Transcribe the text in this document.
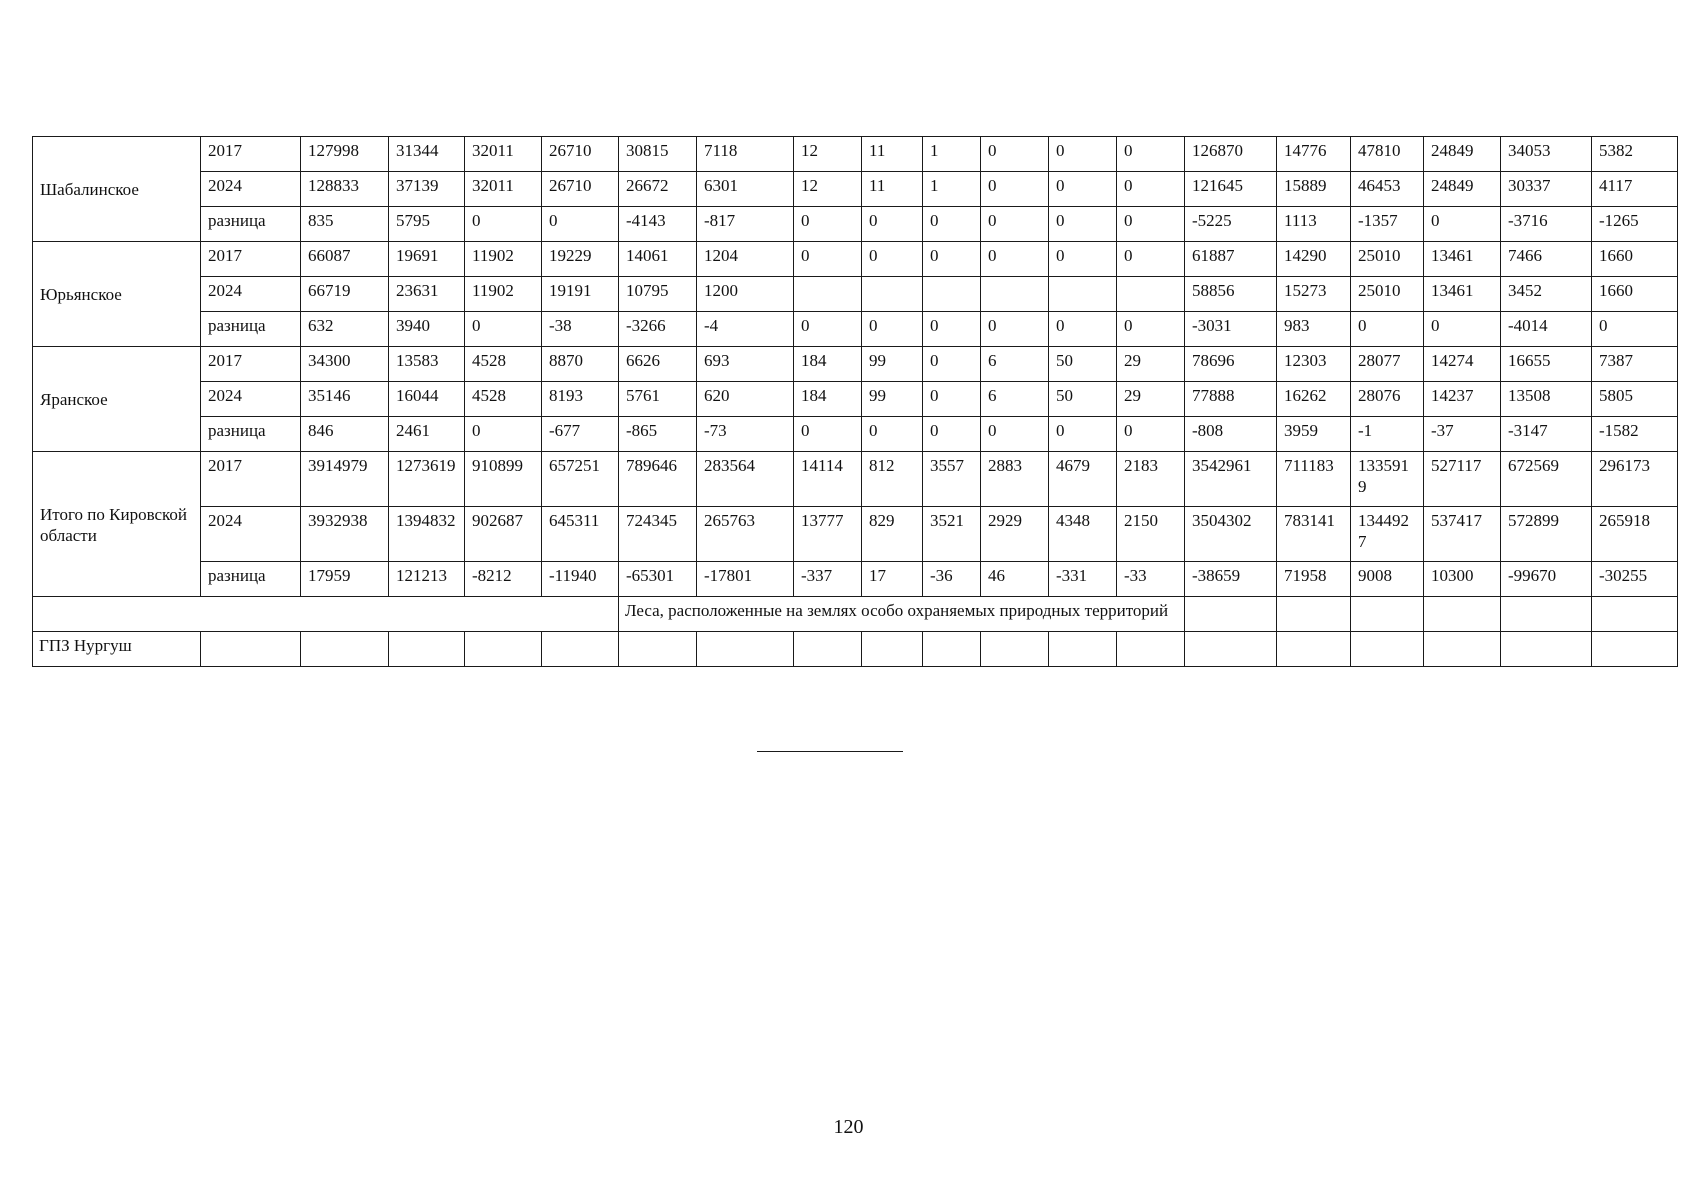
Шабалинское	2017	127998	31344	32011	26710	30815	7118	12	11	1	0	0	0	126870	14776	47810	24849	34053	5382
	2024	128833	37139	32011	26710	26672	6301	12	11	1	0	0	0	121645	15889	46453	24849	30337	4117
	разница	835	5795	0	0	-4143	-817	0	0	0	0	0	0	-5225	1113	-1357	0	-3716	-1265
Юрьянское	2017	66087	19691	11902	19229	14061	1204	0	0	0	0	0	0	61887	14290	25010	13461	7466	1660
	2024	66719	23631	11902	19191	10795	1200							58856	15273	25010	13461	3452	1660
	разница	632	3940	0	-38	-3266	-4	0	0	0	0	0	0	-3031	983	0	0	-4014	0
Яранское	2017	34300	13583	4528	8870	6626	693	184	99	0	6	50	29	78696	12303	28077	14274	16655	7387
	2024	35146	16044	4528	8193	5761	620	184	99	0	6	50	29	77888	16262	28076	14237	13508	5805
	разница	846	2461	0	-677	-865	-73	0	0	0	0	0	0	-808	3959	-1	-37	-3147	-1582
Итого по Кировской области	2017	3914979	1273619	910899	657251	789646	283564	14114	812	3557	2883	4679	2183	3542961	711183	1335919	527117	672569	296173
	2024	3932938	1394832	902687	645311	724345	265763	13777	829	3521	2929	4348	2150	3504302	783141	1344927	537417	572899	265918
	разница	17959	121213	-8212	-11940	-65301	-17801	-337	17	-36	46	-331	-33	-38659	71958	9008	10300	-99670	-30255
						Леса, расположенные на землях особо охраняемых природных территорий													
ГПЗ Нургуш																			
120
